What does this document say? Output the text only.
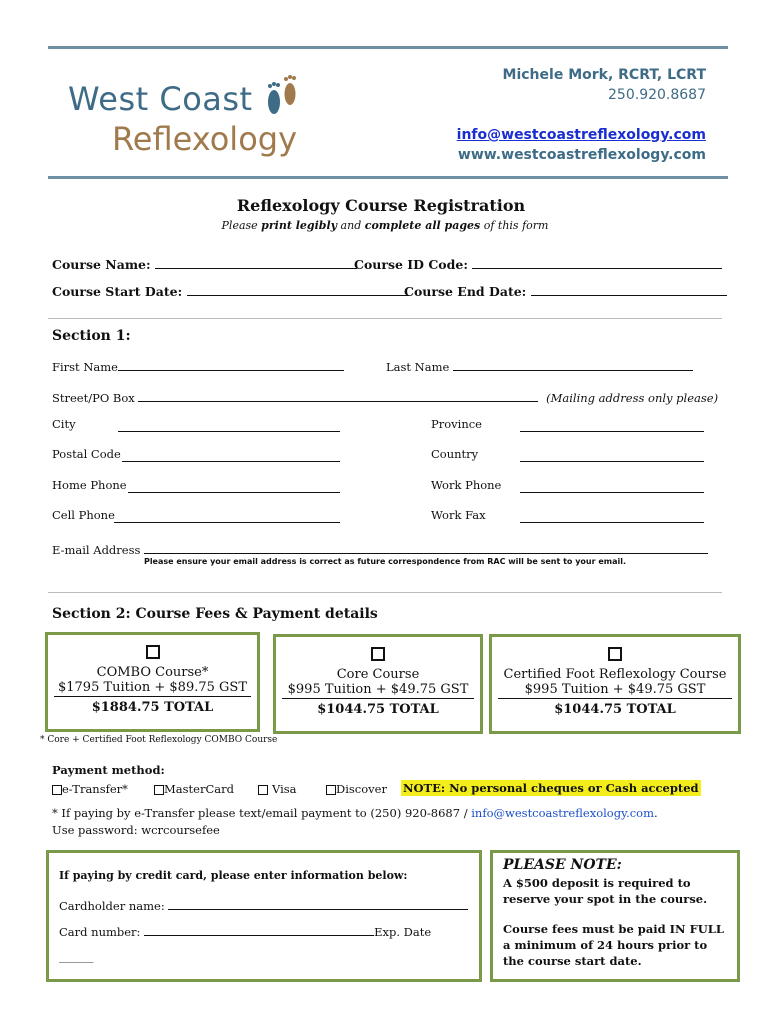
West Coast
Reflexology
Michele Mork, RCRT, LCRT
250.920.8687
info@westcoastreflexology.com
www.westcoastreflexology.com
Reflexology Course Registration
Please print legibly and complete all pages of this form
Course Name:	Course ID Code:
Course Start Date:	Course End Date:
Section 1:
First Name	Last Name
Street/PO Box	(Mailing address only please)
City	Province
Postal Code	Country
Home Phone	Work Phone
Cell Phone	Work Fax
E-mail Address
Please ensure your email address is correct as future correspondence from RAC will be sent to your email.
Section 2: Course Fees & Payment details
COMBO Course*
$1795 Tuition + $89.75 GST
$1884.75 TOTAL
Core Course
$995 Tuition + $49.75 GST
$1044.75 TOTAL
Certified Foot Reflexology Course
$995 Tuition + $49.75 GST
$1044.75 TOTAL
* Core + Certified Foot Reflexology COMBO Course
Payment method:
e-Transfer*	MasterCard	Visa	Discover NOTE: No personal cheques or Cash accepted
* If paying by e-Transfer please text/email payment to (250) 920-8687 / info@westcoastreflexology.com.
Use password: wcrcoursefee
If paying by credit card, please enter information below:
Cardholder name:
Card number:	Exp. Date
______
PLEASE NOTE:
A $500 deposit is required to reserve your spot in the course.
Course fees must be paid IN FULL a minimum of 24 hours prior to the course start date.
